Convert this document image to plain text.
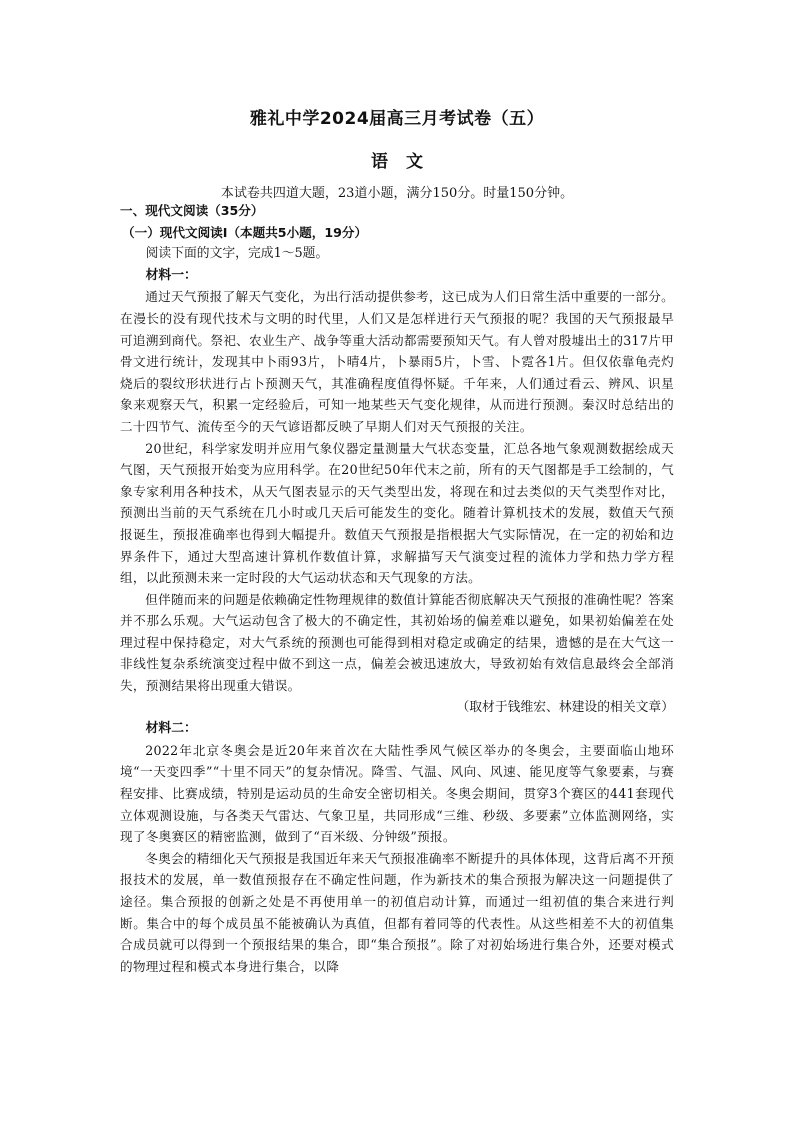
雅礼中学2024届高三月考试卷（五）
语文
本试卷共四道大题，23道小题，满分150分。时量150分钟。

一、现代文阅读（35分）

（一）现代文阅读Ⅰ（本题共5小题，19分）

阅读下面的文字，完成1～5题。

材料一：

通过天气预报了解天气变化，为出行活动提供参考，这已成为人们日常生活中重要的一部分。在漫长的没有现代技术与文明的时代里，人们又是怎样进行天气预报的呢？我国的天气预报最早可追溯到商代。祭祀、农业生产、战争等重大活动都需要预知天气。有人曾对殷墟出土的317片甲骨文进行统计，发现其中卜雨93片，卜晴4片，卜暴雨5片，卜雪、卜霓各1片。但仅依靠龟壳灼烧后的裂纹形状进行占卜预测天气，其准确程度值得怀疑。千年来，人们通过看云、辨风、识星象来观察天气，积累一定经验后，可知一地某些天气变化规律，从而进行预测。秦汉时总结出的二十四节气、流传至今的天气谚语都反映了早期人们对天气预报的关注。

20世纪，科学家发明并应用气象仪器定量测量大气状态变量，汇总各地气象观测数据绘成天气图，天气预报开始变为应用科学。在20世纪50年代末之前，所有的天气图都是手工绘制的，气象专家利用各种技术，从天气图表显示的天气类型出发，将现在和过去类似的天气类型作对比，预测出当前的天气系统在几小时或几天后可能发生的变化。随着计算机技术的发展，数值天气预报诞生，预报准确率也得到大幅提升。数值天气预报是指根据大气实际情况，在一定的初始和边界条件下，通过大型高速计算机作数值计算，求解描写天气演变过程的流体力学和热力学方程组，以此预测未来一定时段的大气运动状态和天气现象的方法。

但伴随而来的问题是依赖确定性物理规律的数值计算能否彻底解决天气预报的准确性呢？答案并不那么乐观。大气运动包含了极大的不确定性，其初始场的偏差难以避免，如果初始偏差在处理过程中保持稳定，对大气系统的预测也可能得到相对稳定或确定的结果，遗憾的是在大气这一非线性复杂系统演变过程中做不到这一点，偏差会被迅速放大，导致初始有效信息最终会全部消失，预测结果将出现重大错误。

（取材于钱维宏、林建设的相关文章）

材料二：

2022年北京冬奥会是近20年来首次在大陆性季风气候区举办的冬奥会，主要面临山地环境“一天变四季”“十里不同天”的复杂情况。降雪、气温、风向、风速、能见度等气象要素，与赛程安排、比赛成绩，特别是运动员的生命安全密切相关。冬奥会期间，贯穿3个赛区的441套现代立体观测设施，与各类天气雷达、气象卫星，共同形成“三维、秒级、多要素”立体监测网络，实现了冬奥赛区的精密监测，做到了“百米级、分钟级”预报。

冬奥会的精细化天气预报是我国近年来天气预报准确率不断提升的具体体现，这背后离不开预报技术的发展，单一数值预报存在不确定性问题，作为新技术的集合预报为解决这一问题提供了途径。集合预报的创新之处是不再使用单一的初值启动计算，而通过一组初值的集合来进行判断。集合中的每个成员虽不能被确认为真值，但都有着同等的代表性。从这些相差不大的初值集合成员就可以得到一个预报结果的集合，即“集合预报”。除了对初始场进行集合外，还要对模式的物理过程和模式本身进行集合，以降
